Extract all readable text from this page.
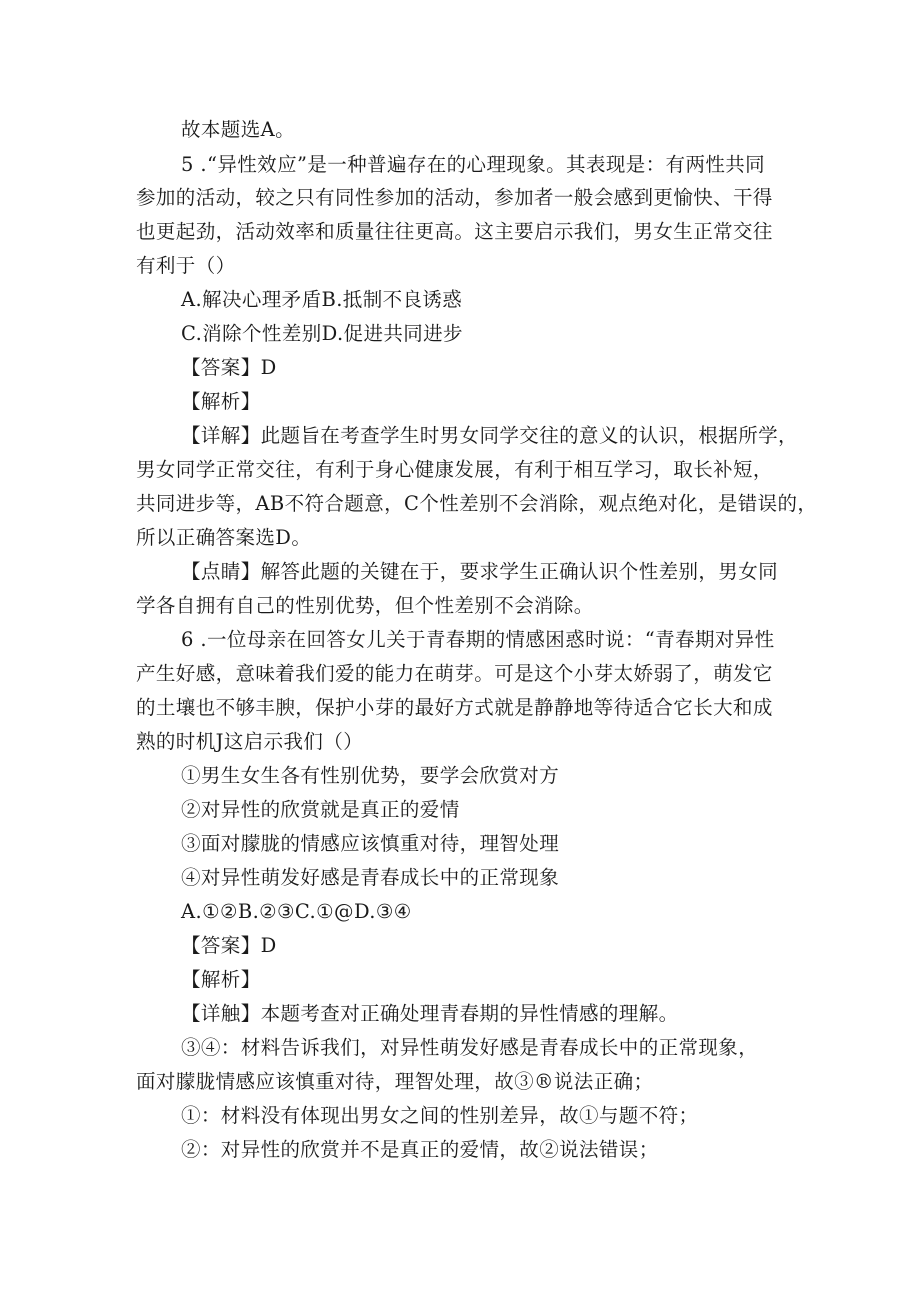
故本题选A。
5 .“异性效应”是一种普遍存在的心理现象。其表现是：有两性共同
参加的活动，较之只有同性参加的活动，参加者一般会感到更愉快、干得
也更起劲，活动效率和质量往往更高。这主要启示我们，男女生正常交往
有利于（）
A.解决心理矛盾B.抵制不良诱惑
C.消除个性差别D.促进共同进步
【答案】D
【解析】
【详解】此题旨在考查学生时男女同学交往的意义的认识，根据所学，
男女同学正常交往，有利于身心健康发展，有利于相互学习，取长补短，
共同进步等，AB不符合题意，C个性差别不会消除，观点绝对化，是错误的，
所以正确答案选D。
【点睛】解答此题的关键在于，要求学生正确认识个性差别，男女同
学各自拥有自己的性别优势，但个性差别不会消除。
6 .一位母亲在回答女儿关于青春期的情感困惑时说：“青春期对异性
产生好感，意味着我们爱的能力在萌芽。可是这个小芽太娇弱了，萌发它
的土壤也不够丰腴，保护小芽的最好方式就是静静地等待适合它长大和成
熟的时机J这启示我们（）
①男生女生各有性别优势，要学会欣赏对方
②对异性的欣赏就是真正的爱情
③面对朦胧的情感应该慎重对待，理智处理
④对异性萌发好感是青春成长中的正常现象
A.①②B.②③C.①@D.③④
【答案】D
【解析】
【详触】本题考查对正确处理青春期的异性情感的理解。
③④：材料告诉我们，对异性萌发好感是青春成长中的正常现象，
面对朦胧情感应该慎重对待，理智处理，故③®说法正确；
①：材料没有体现出男女之间的性别差异，故①与题不符；
②：对异性的欣赏并不是真正的爱情，故②说法错误；
